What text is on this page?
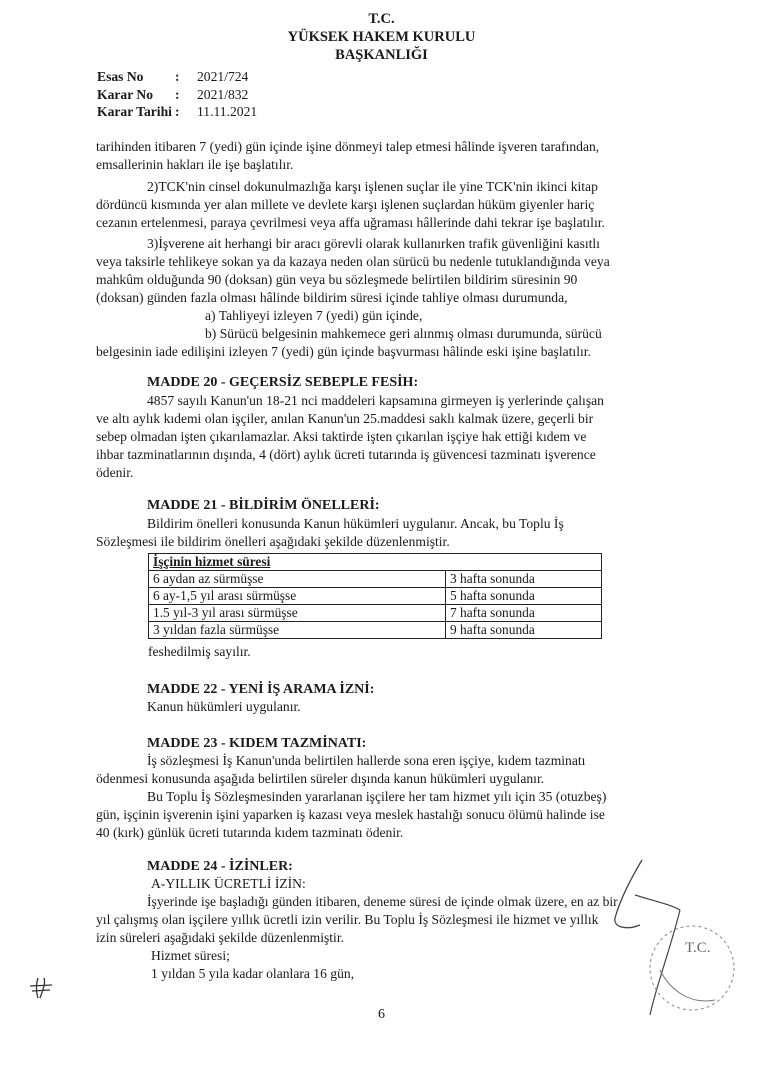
T.C.
YÜKSEK HAKEM KURULU
BAŞKANLIĞI
Esas No	:	2021/724
Karar No	:	2021/832
Karar Tarihi :	11.11.2021
tarihinden itibaren 7 (yedi) gün içinde işine dönmeyi talep etmesi hâlinde işveren tarafından,
emsallerinin hakları ile işe başlatılır.
2)TCK'nin cinsel dokunulmazlığa karşı işlenen suçlar ile yine TCK'nin ikinci kitap
dördüncü kısmında yer alan millete ve devlete karşı işlenen suçlardan hüküm giyenler hariç
cezanın ertelenmesi, paraya çevrilmesi veya affa uğraması hâllerinde dahi tekrar işe başlatılır.
3)İşverene ait herhangi bir aracı görevli olarak kullanırken trafik güvenliğini kasıtlı
veya taksirle tehlikeye sokan ya da kazaya neden olan sürücü bu nedenle tutuklandığında veya
mahkûm olduğunda 90 (doksan) gün veya bu sözleşmede belirtilen bildirim süresinin 90
(doksan) günden fazla olması hâlinde bildirim süresi içinde tahliye olması durumunda,
a) Tahliyeyi izleyen 7 (yedi) gün içinde,
b) Sürücü belgesinin mahkemece geri alınmış olması durumunda, sürücü
belgesinin iade edilişini izleyen 7 (yedi) gün içinde başvurması hâlinde eski işine başlatılır.
MADDE 20 - GEÇERSİZ SEBEPLE FESİH:
4857 sayılı Kanun'un 18-21 nci maddeleri kapsamına girmeyen iş yerlerinde çalışan
ve altı aylık kıdemi olan işçiler, anılan Kanun'un 25.maddesi saklı kalmak üzere, geçerli bir
sebep olmadan işten çıkarılamazlar. Aksi taktirde işten çıkarılan işçiye hak ettiği kıdem ve
ihbar tazminatlarının dışında, 4 (dört) aylık ücreti tutarında iş güvencesi tazminatı işverence
ödenir.
MADDE 21 - BİLDİRİM ÖNELLERİ:
Bildirim önelleri konusunda Kanun hükümleri uygulanır. Ancak, bu Toplu İş
Sözleşmesi ile bildirim önelleri aşağıdaki şekilde düzenlenmiştir.
İşçinin hizmet süresi	
6 aydan az sürmüşse	3 hafta sonunda
6 ay-1,5 yıl arası sürmüşse	5 hafta sonunda
1.5 yıl-3 yıl arası sürmüşse	7 hafta sonunda
3 yıldan fazla sürmüşse	9 hafta sonunda
feshedilmiş sayılır.
MADDE 22 - YENİ İŞ ARAMA İZNİ:
Kanun hükümleri uygulanır.
MADDE 23 - KIDEM TAZMİNATI:
İş sözleşmesi İş Kanun'unda belirtilen hallerde sona eren işçiye, kıdem tazminatı
ödenmesi konusunda aşağıda belirtilen süreler dışında kanun hükümleri uygulanır.
Bu Toplu İş Sözleşmesinden yararlanan işçilere her tam hizmet yılı için 35 (otuzbeş)
gün, işçinin işverenin işini yaparken iş kazası veya meslek hastalığı sonucu ölümü halinde ise
40 (kırk) günlük ücreti tutarında kıdem tazminatı ödenir.
MADDE 24 - İZİNLER:
A-YILLIK ÜCRETLİ İZİN:
İşyerinde işe başladığı günden itibaren, deneme süresi de içinde olmak üzere, en az bir
yıl çalışmış olan işçilere yıllık ücretli izin verilir. Bu Toplu İş Sözleşmesi ile hizmet ve yıllık
izin süreleri aşağıdaki şekilde düzenlenmiştir.
Hizmet süresi;
1 yıldan 5 yıla kadar olanlara 16 gün,
T.C.
6
